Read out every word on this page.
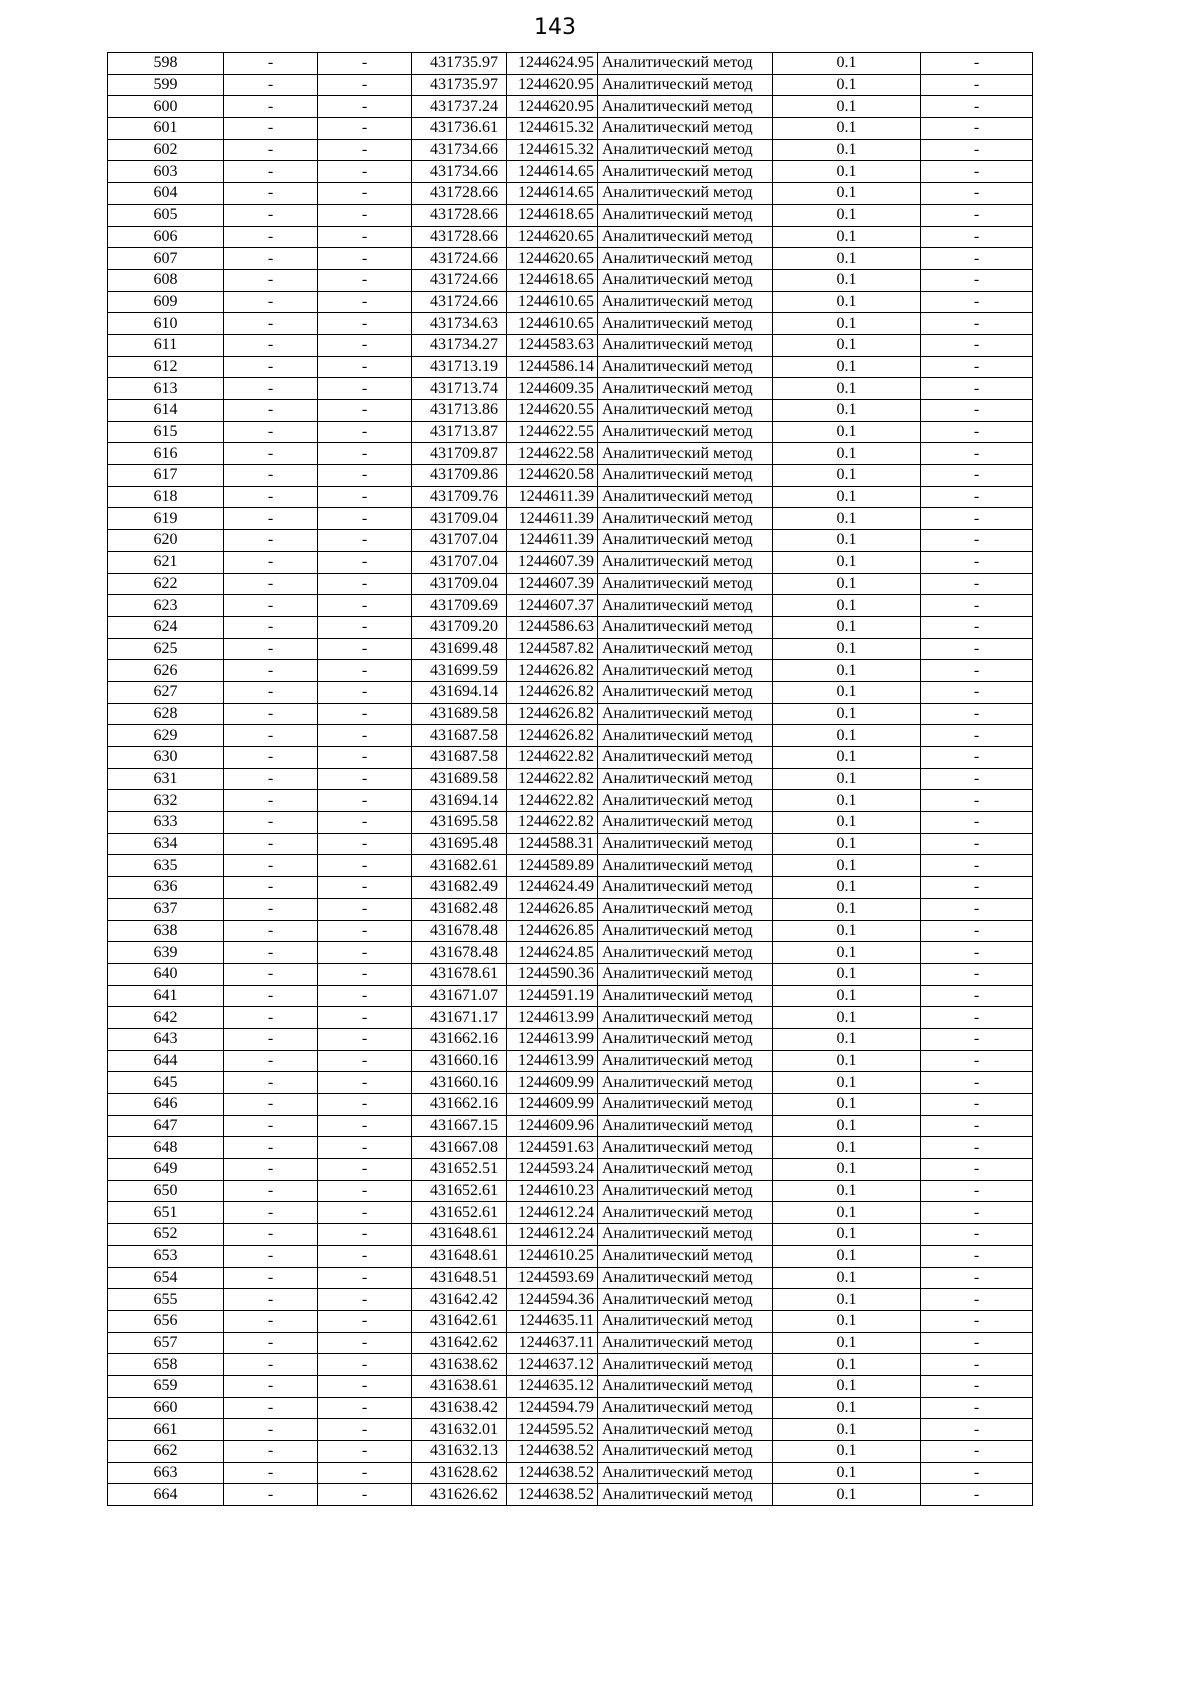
143
598	-	-	431735.97	1244624.95	Аналитический метод	0.1	-
599	-	-	431735.97	1244620.95	Аналитический метод	0.1	-
600	-	-	431737.24	1244620.95	Аналитический метод	0.1	-
601	-	-	431736.61	1244615.32	Аналитический метод	0.1	-
602	-	-	431734.66	1244615.32	Аналитический метод	0.1	-
603	-	-	431734.66	1244614.65	Аналитический метод	0.1	-
604	-	-	431728.66	1244614.65	Аналитический метод	0.1	-
605	-	-	431728.66	1244618.65	Аналитический метод	0.1	-
606	-	-	431728.66	1244620.65	Аналитический метод	0.1	-
607	-	-	431724.66	1244620.65	Аналитический метод	0.1	-
608	-	-	431724.66	1244618.65	Аналитический метод	0.1	-
609	-	-	431724.66	1244610.65	Аналитический метод	0.1	-
610	-	-	431734.63	1244610.65	Аналитический метод	0.1	-
611	-	-	431734.27	1244583.63	Аналитический метод	0.1	-
612	-	-	431713.19	1244586.14	Аналитический метод	0.1	-
613	-	-	431713.74	1244609.35	Аналитический метод	0.1	-
614	-	-	431713.86	1244620.55	Аналитический метод	0.1	-
615	-	-	431713.87	1244622.55	Аналитический метод	0.1	-
616	-	-	431709.87	1244622.58	Аналитический метод	0.1	-
617	-	-	431709.86	1244620.58	Аналитический метод	0.1	-
618	-	-	431709.76	1244611.39	Аналитический метод	0.1	-
619	-	-	431709.04	1244611.39	Аналитический метод	0.1	-
620	-	-	431707.04	1244611.39	Аналитический метод	0.1	-
621	-	-	431707.04	1244607.39	Аналитический метод	0.1	-
622	-	-	431709.04	1244607.39	Аналитический метод	0.1	-
623	-	-	431709.69	1244607.37	Аналитический метод	0.1	-
624	-	-	431709.20	1244586.63	Аналитический метод	0.1	-
625	-	-	431699.48	1244587.82	Аналитический метод	0.1	-
626	-	-	431699.59	1244626.82	Аналитический метод	0.1	-
627	-	-	431694.14	1244626.82	Аналитический метод	0.1	-
628	-	-	431689.58	1244626.82	Аналитический метод	0.1	-
629	-	-	431687.58	1244626.82	Аналитический метод	0.1	-
630	-	-	431687.58	1244622.82	Аналитический метод	0.1	-
631	-	-	431689.58	1244622.82	Аналитический метод	0.1	-
632	-	-	431694.14	1244622.82	Аналитический метод	0.1	-
633	-	-	431695.58	1244622.82	Аналитический метод	0.1	-
634	-	-	431695.48	1244588.31	Аналитический метод	0.1	-
635	-	-	431682.61	1244589.89	Аналитический метод	0.1	-
636	-	-	431682.49	1244624.49	Аналитический метод	0.1	-
637	-	-	431682.48	1244626.85	Аналитический метод	0.1	-
638	-	-	431678.48	1244626.85	Аналитический метод	0.1	-
639	-	-	431678.48	1244624.85	Аналитический метод	0.1	-
640	-	-	431678.61	1244590.36	Аналитический метод	0.1	-
641	-	-	431671.07	1244591.19	Аналитический метод	0.1	-
642	-	-	431671.17	1244613.99	Аналитический метод	0.1	-
643	-	-	431662.16	1244613.99	Аналитический метод	0.1	-
644	-	-	431660.16	1244613.99	Аналитический метод	0.1	-
645	-	-	431660.16	1244609.99	Аналитический метод	0.1	-
646	-	-	431662.16	1244609.99	Аналитический метод	0.1	-
647	-	-	431667.15	1244609.96	Аналитический метод	0.1	-
648	-	-	431667.08	1244591.63	Аналитический метод	0.1	-
649	-	-	431652.51	1244593.24	Аналитический метод	0.1	-
650	-	-	431652.61	1244610.23	Аналитический метод	0.1	-
651	-	-	431652.61	1244612.24	Аналитический метод	0.1	-
652	-	-	431648.61	1244612.24	Аналитический метод	0.1	-
653	-	-	431648.61	1244610.25	Аналитический метод	0.1	-
654	-	-	431648.51	1244593.69	Аналитический метод	0.1	-
655	-	-	431642.42	1244594.36	Аналитический метод	0.1	-
656	-	-	431642.61	1244635.11	Аналитический метод	0.1	-
657	-	-	431642.62	1244637.11	Аналитический метод	0.1	-
658	-	-	431638.62	1244637.12	Аналитический метод	0.1	-
659	-	-	431638.61	1244635.12	Аналитический метод	0.1	-
660	-	-	431638.42	1244594.79	Аналитический метод	0.1	-
661	-	-	431632.01	1244595.52	Аналитический метод	0.1	-
662	-	-	431632.13	1244638.52	Аналитический метод	0.1	-
663	-	-	431628.62	1244638.52	Аналитический метод	0.1	-
664	-	-	431626.62	1244638.52	Аналитический метод	0.1	-
